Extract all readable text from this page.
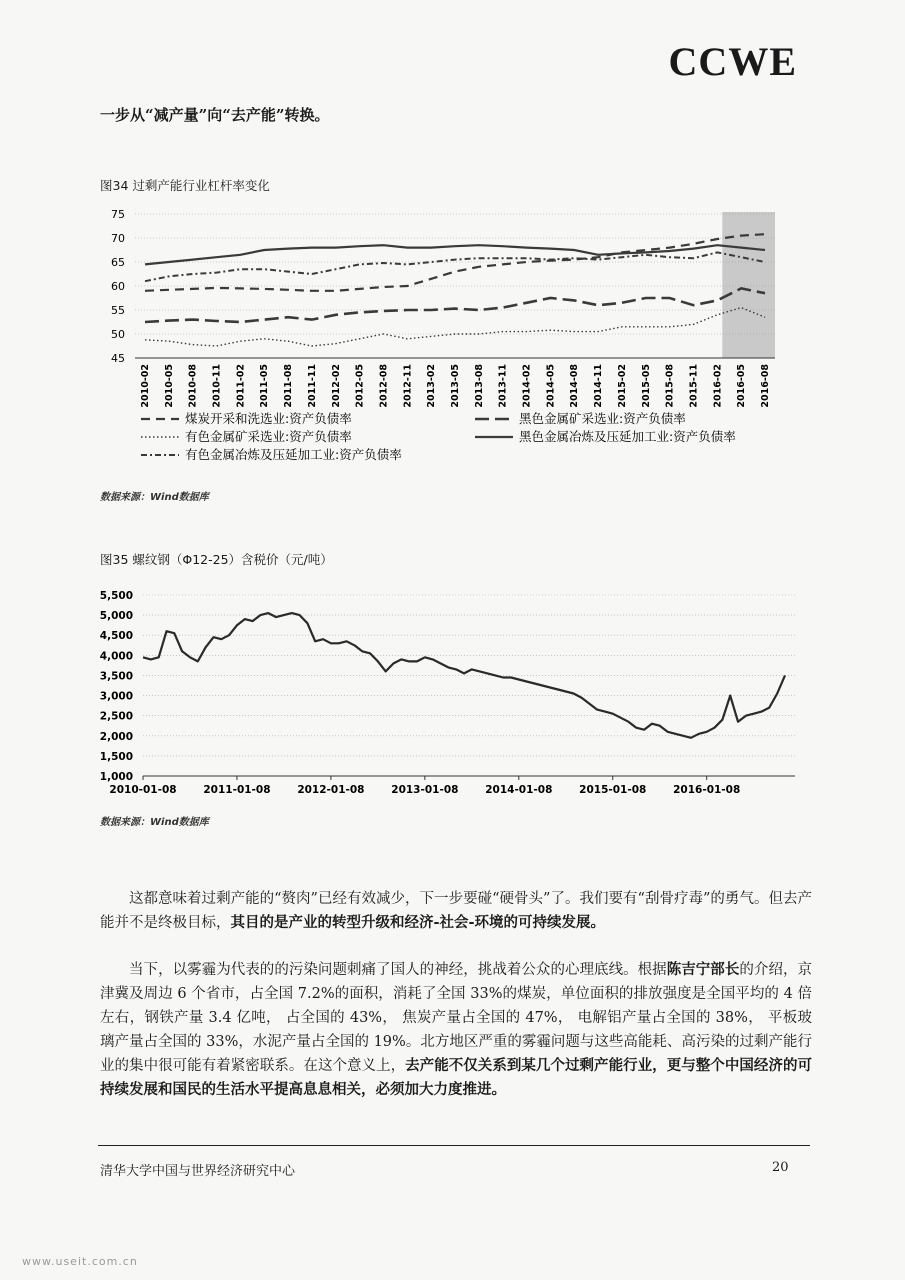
CCWE
一步从“减产量”向“去产能”转换。
图34 过剩产能行业杠杆率变化
75
70
65
60
55
50
45
2010-02 2010-05 2010-08 2010-11 2011-02 2011-05 2011-08 2011-11 2012-02 2012-05 2012-08 2012-11 2013-02 2013-05 2013-08 2013-11 2014-02 2014-05 2014-08 2014-11 2015-02 2015-05 2015-08 2015-11 2016-02 2016-05 2016-08
煤炭开采和洗选业:资产负债率	黑色金属矿采选业:资产负债率
有色金属矿采选业:资产负债率	黑色金属冶炼及压延加工业:资产负债率
有色金属冶炼及压延加工业:资产负债率
数据来源：Wind数据库
图35 螺纹钢（Φ12-25）含税价（元/吨）
5,500
5,000
4,500
4,000
3,500
3,000
2,500
2,000
1,500
1,000
2010-01-08	2011-01-08	2012-01-08	2013-01-08	2014-01-08	2015-01-08	2016-01-08
数据来源：Wind数据库
这都意味着过剩产能的“赘肉”已经有效减少，下一步要碰“硬骨头”了。我们要有“刮骨疗毒”的勇气。但去产能并不是终极目标，其目的是产业的转型升级和经济-社会-环境的可持续发展。
当下，以雾霾为代表的的污染问题刺痛了国人的神经，挑战着公众的心理底线。根据陈吉宁部长的介绍，京津冀及周边 6 个省市，占全国 7.2%的面积，消耗了全国 33%的煤炭，单位面积的排放强度是全国平均的 4 倍左右，钢铁产量 3.4 亿吨， 占全国的 43%， 焦炭产量占全国的 47%， 电解铝产量占全国的 38%， 平板玻璃产量占全国的 33%，水泥产量占全国的 19%。北方地区严重的雾霾问题与这些高能耗、高污染的过剩产能行业的集中很可能有着紧密联系。在这个意义上，去产能不仅关系到某几个过剩产能行业，更与整个中国经济的可持续发展和国民的生活水平提高息息相关，必须加大力度推进。
清华大学中国与世界经济研究中心	20
www.useit.com.cn
